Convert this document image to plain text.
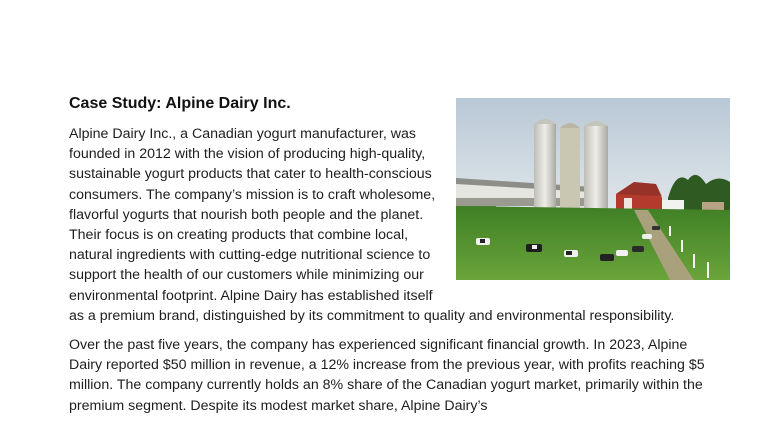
Case Study: Alpine Dairy Inc.

Alpine Dairy Inc., a Canadian yogurt manufacturer, was founded in 2012 with the vision of producing high-quality, sustainable yogurt products that cater to health-conscious consumers. The company’s mission is to craft wholesome, flavorful yogurts that nourish both people and the planet. Their focus is on creating products that combine local, natural ingredients with cutting-edge nutritional science to support the health of our customers while minimizing our environmental footprint. Alpine Dairy has established itself as a premium brand, distinguished by its commitment to quality and environmental responsibility.

Over the past five years, the company has experienced significant financial growth. In 2023, Alpine Dairy reported $50 million in revenue, a 12% increase from the previous year, with profits reaching $5 million. The company currently holds an 8% share of the Canadian yogurt market, primarily within the premium segment. Despite its modest market share, Alpine Dairy’s
